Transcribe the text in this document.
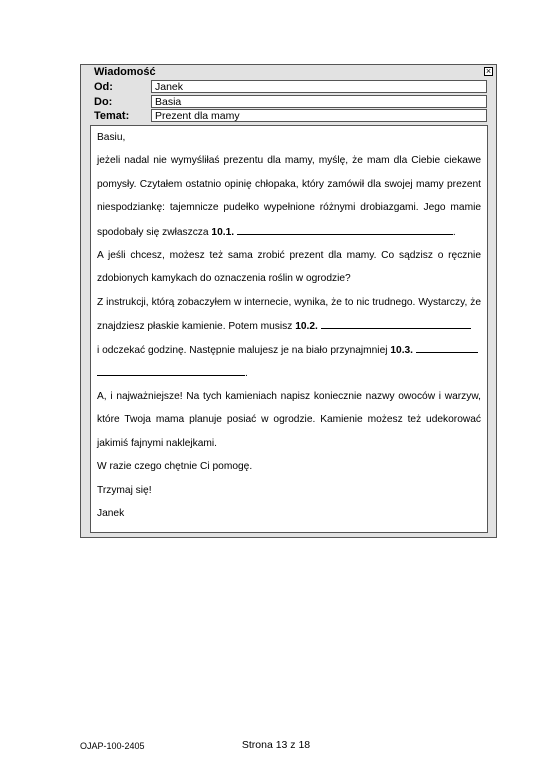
Wiadomość	×
Od:	Janek
Do:	Basia
Temat:	Prezent dla mamy
Basiu,
jeżeli nadal nie wymyśliłaś prezentu dla mamy, myślę, że mam dla Ciebie ciekawe
pomysły. Czytałem ostatnio opinię chłopaka, który zamówił dla swojej mamy prezent
niespodziankę: tajemnicze pudełko wypełnione różnymi drobiazgami. Jego mamie
spodobały się zwłaszcza 10.1.	.
A jeśli chcesz, możesz też sama zrobić prezent dla mamy. Co sądzisz o ręcznie
zdobionych kamykach do oznaczenia roślin w ogrodzie?
Z instrukcji, którą zobaczyłem w internecie, wynika, że to nic trudnego. Wystarczy, że
znajdziesz płaskie kamienie. Potem musisz 10.2.
i odczekać godzinę. Następnie malujesz je na biało przynajmniej 10.3.
.
A, i najważniejsze! Na tych kamieniach napisz koniecznie nazwy owoców i warzyw,
które Twoja mama planuje posiać w ogrodzie. Kamienie możesz też udekorować
jakimiś fajnymi naklejkami.
W razie czego chętnie Ci pomogę.
Trzymaj się!
Janek
OJAP-100-2405	Strona 13 z 18
